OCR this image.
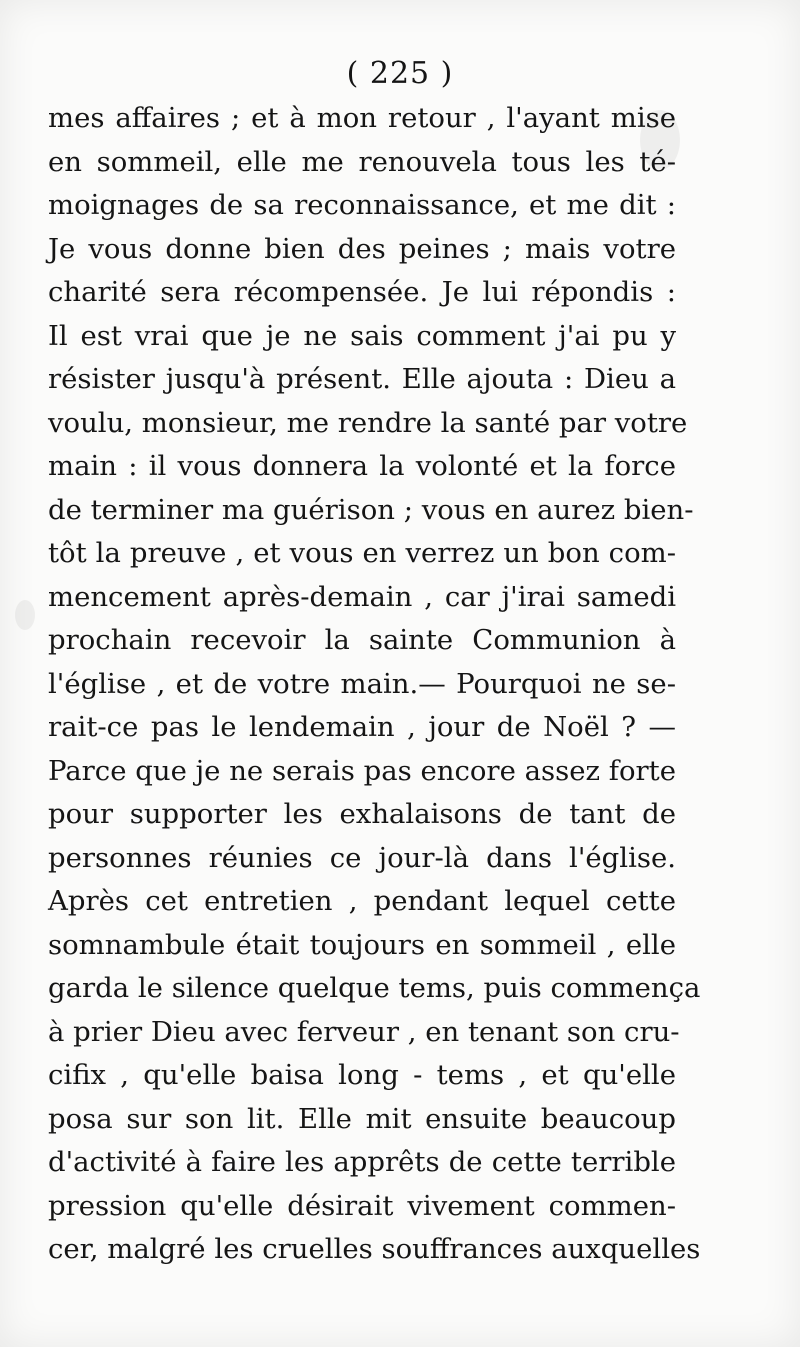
( 225 )
mes affaires ; et à mon retour , l'ayant mise
en sommeil, elle me renouvela tous les té-
moignages de sa reconnaissance, et me dit :
Je vous donne bien des peines ; mais votre
charité sera récompensée. Je lui répondis :
Il est vrai que je ne sais comment j'ai pu y
résister jusqu'à présent. Elle ajouta : Dieu a
voulu, monsieur, me rendre la santé par votre
main : il vous donnera la volonté et la force
de terminer ma guérison ; vous en aurez bien-
tôt la preuve , et vous en verrez un bon com-
mencement après-demain , car j'irai samedi
prochain recevoir la sainte Communion à
l'église , et de votre main.— Pourquoi ne se-
rait-ce pas le lendemain , jour de Noël ? —
Parce que je ne serais pas encore assez forte
pour supporter les exhalaisons de tant de
personnes réunies ce jour-là dans l'église.
Après cet entretien , pendant lequel cette
somnambule était toujours en sommeil , elle
garda le silence quelque tems, puis commença
à prier Dieu avec ferveur , en tenant son cru-
cifix , qu'elle baisa long - tems , et qu'elle
posa sur son lit. Elle mit ensuite beaucoup
d'activité à faire les apprêts de cette terrible
pression qu'elle désirait vivement commen-
cer, malgré les cruelles souffrances auxquelles
